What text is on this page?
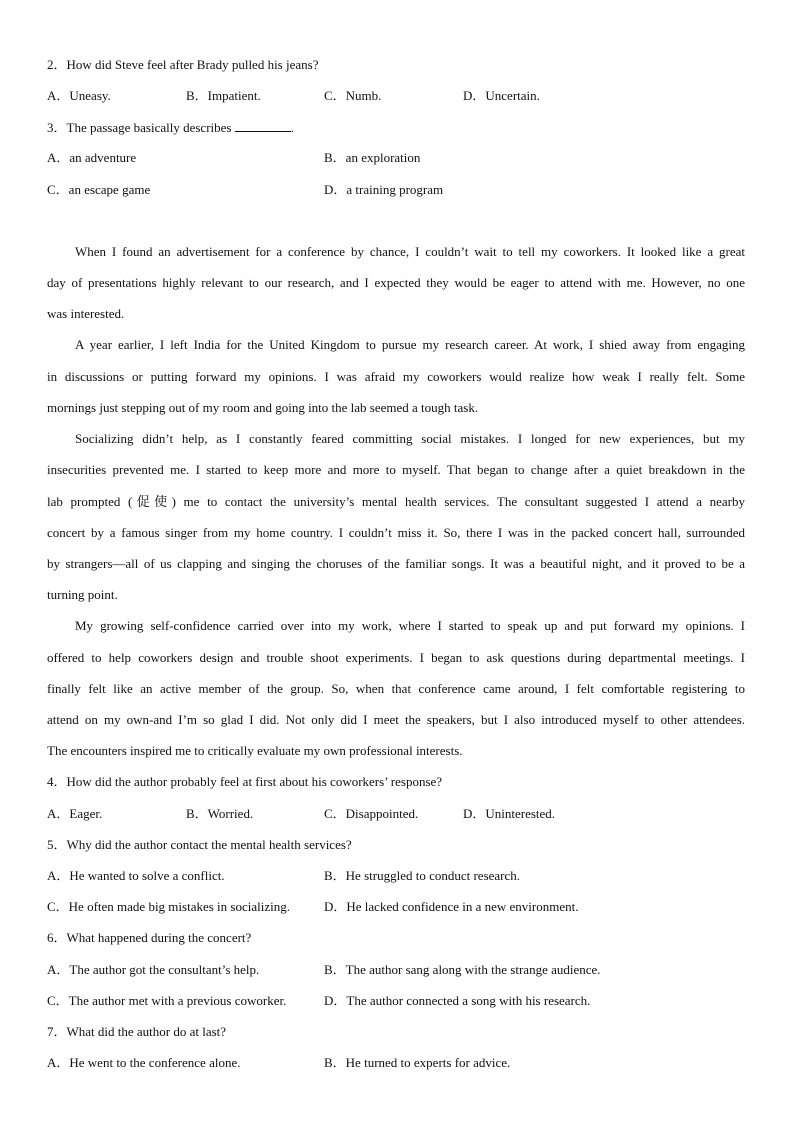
2．How did Steve feel after Brady pulled his jeans?
A．Uneasy.	B．Impatient.	C．Numb.	D．Uncertain.
3．The passage basically describes	.
A．an adventure	B．an exploration
C．an escape game	D．a training program
When I found an advertisement for a conference by chance, I couldn’t wait to tell my coworkers. It looked like a great
day of presentations highly relevant to our research, and I expected they would be eager to attend with me. However, no one
was interested.
A year earlier, I left India for the United Kingdom to pursue my research career. At work, I shied away from engaging
in discussions or putting forward my opinions. I was afraid my coworkers would realize how weak I really felt. Some
mornings just stepping out of my room and going into the lab seemed a tough task.
Socializing didn’t help, as I constantly feared committing social mistakes. I longed for new experiences, but my
insecurities prevented me. I started to keep more and more to myself. That began to change after a quiet breakdown in the
lab prompted (促使) me to contact the university’s mental health services. The consultant suggested I attend a nearby
concert by a famous singer from my home country. I couldn’t miss it. So, there I was in the packed concert hall, surrounded
by strangers—all of us clapping and singing the choruses of the familiar songs. It was a beautiful night, and it proved to be a
turning point.
My growing self-confidence carried over into my work, where I started to speak up and put forward my opinions. I
offered to help coworkers design and trouble shoot experiments. I began to ask questions during departmental meetings. I
finally felt like an active member of the group. So, when that conference came around, I felt comfortable registering to
attend on my own-and I’m so glad I did. Not only did I meet the speakers, but I also introduced myself to other attendees.
The encounters inspired me to critically evaluate my own professional interests.
4．How did the author probably feel at first about his coworkers’ response?
A．Eager.	B．Worried.	C．Disappointed.	D．Uninterested.
5．Why did the author contact the mental health services?
A．He wanted to solve a conflict.	B．He struggled to conduct research.
C．He often made big mistakes in socializing.	D．He lacked confidence in a new environment.
6．What happened during the concert?
A．The author got the consultant’s help.	B．The author sang along with the strange audience.
C．The author met with a previous coworker.	D．The author connected a song with his research.
7．What did the author do at last?
A．He went to the conference alone.	B．He turned to experts for advice.
